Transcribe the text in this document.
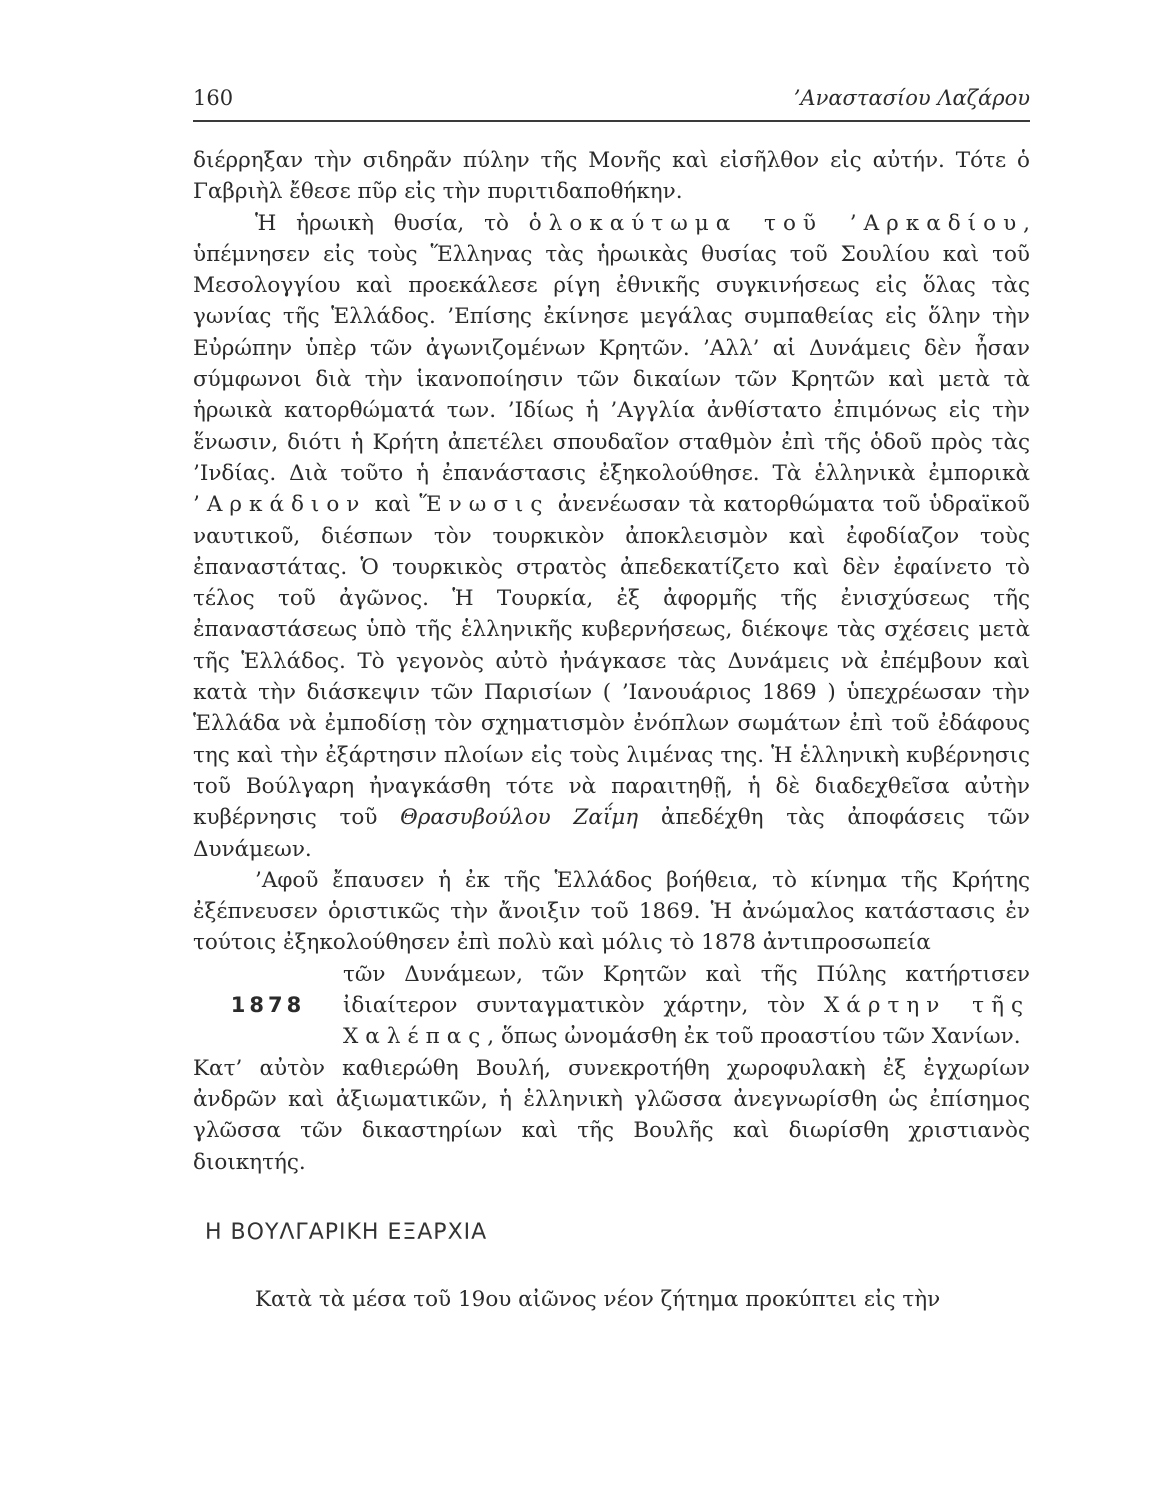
160	’Αναστασίου Λαζάρου

διέρρηξαν τὴν σιδηρᾶν πύλην τῆς Μονῆς καὶ εἰσῆλθον εἰς αὐτήν. Τότε ὁ Γαβριὴλ ἔθεσε πῦρ εἰς τὴν πυριτιδαποθήκην.

Ἡ ἡρωικὴ θυσία, τὸ ὁλοκαύτωμα τοῦ ’Αρκαδίου, ὑπέμνησεν εἰς τοὺς Ἕλληνας τὰς ἡρωικὰς θυσίας τοῦ Σουλίου καὶ τοῦ Μεσολογγίου καὶ προεκάλεσε ρίγη ἐθνικῆς συγκινήσεως εἰς ὅλας τὰς γωνίας τῆς Ἑλλάδος. ’Επίσης ἐκίνησε μεγάλας συμπαθείας εἰς ὅλην τὴν Εὐρώπην ὑπὲρ τῶν ἀγωνιζομένων Κρητῶν. ’Αλλ’ αἱ Δυνάμεις δὲν ἦσαν σύμφωνοι διὰ τὴν ἱκανοποίησιν τῶν δικαίων τῶν Κρητῶν καὶ μετὰ τὰ ἡρωικὰ κατορθώματά των. ’Ιδίως ἡ ’Αγγλία ἀνθίστατο ἐπιμόνως εἰς τὴν ἕνωσιν, διότι ἡ Κρήτη ἀπετέλει σπουδαῖον σταθμὸν ἐπὶ τῆς ὁδοῦ πρὸς τὰς ’Ινδίας. Διὰ τοῦτο ἡ ἐπανάστασις ἐξηκολούθησε. Τὰ ἑλληνικὰ ἐμπορικὰ ’Αρκάδιον καὶ Ἕνωσις ἀνενέωσαν τὰ κατορθώματα τοῦ ὑδραϊκοῦ ναυτικοῦ, διέσπων τὸν τουρκικὸν ἀποκλεισμὸν καὶ ἐφοδίαζον τοὺς ἐπαναστάτας. Ὁ τουρκικὸς στρατὸς ἀπεδεκατίζετο καὶ δὲν ἐφαίνετο τὸ τέλος τοῦ ἀγῶνος. Ἡ Τουρκία, ἐξ ἀφορμῆς τῆς ἐνισχύσεως τῆς ἐπαναστάσεως ὑπὸ τῆς ἑλληνικῆς κυβερνήσεως, διέκοψε τὰς σχέσεις μετὰ τῆς Ἑλλάδος. Τὸ γεγονὸς αὐτὸ ἠνάγκασε τὰς Δυνάμεις νὰ ἐπέμβουν καὶ κατὰ τὴν διάσκεψιν τῶν Παρισίων ( ’Ιανουάριος 1869 ) ὑπεχρέωσαν τὴν Ἑλλάδα νὰ ἐμποδίσῃ τὸν σχηματισμὸν ἐνόπλων σωμάτων ἐπὶ τοῦ ἐδάφους της καὶ τὴν ἐξάρτησιν πλοίων εἰς τοὺς λιμένας της. Ἡ ἑλληνικὴ κυβέρνησις τοῦ Βούλγαρη ἠναγκάσθη τότε νὰ παραιτηθῇ, ἡ δὲ διαδεχθεῖσα αὐτὴν κυβέρνησις τοῦ Θρασυβούλου Ζαΐμη ἀπεδέχθη τὰς ἀποφάσεις τῶν Δυνάμεων.

’Αφοῦ ἔπαυσεν ἡ ἐκ τῆς Ἑλλάδος βοήθεια, τὸ κίνημα τῆς Κρήτης ἐξέπνευσεν ὁριστικῶς τὴν ἄνοιξιν τοῦ 1869. Ἡ ἀνώμαλος κατάστασις ἐν τούτοις ἐξηκολούθησεν ἐπὶ πολὺ καὶ μόλις τὸ 1878 ἀντιπροσωπεία

1878

τῶν Δυνάμεων, τῶν Κρητῶν καὶ τῆς Πύλης κατήρτισεν ἰδιαίτερον συνταγματικὸν χάρτην, τὸν Χάρτην τῆς Χαλέπας, ὅπως ὠνομάσθη ἐκ τοῦ προαστίου τῶν Χανίων.

Κατ’ αὐτὸν καθιερώθη Βουλή, συνεκροτήθη χωροφυλακὴ ἐξ ἐγχωρίων ἀνδρῶν καὶ ἀξιωματικῶν, ἡ ἑλληνικὴ γλῶσσα ἀνεγνωρίσθη ὡς ἐπίσημος γλῶσσα τῶν δικαστηρίων καὶ τῆς Βουλῆς καὶ διωρίσθη χριστιανὸς διοικητής.

Η ΒΟΥΛΓΑΡΙΚΗ ΕΞΑΡΧΙΑ

Κατὰ τὰ μέσα τοῦ 19ου αἰῶνος νέον ζήτημα προκύπτει εἰς τὴν
